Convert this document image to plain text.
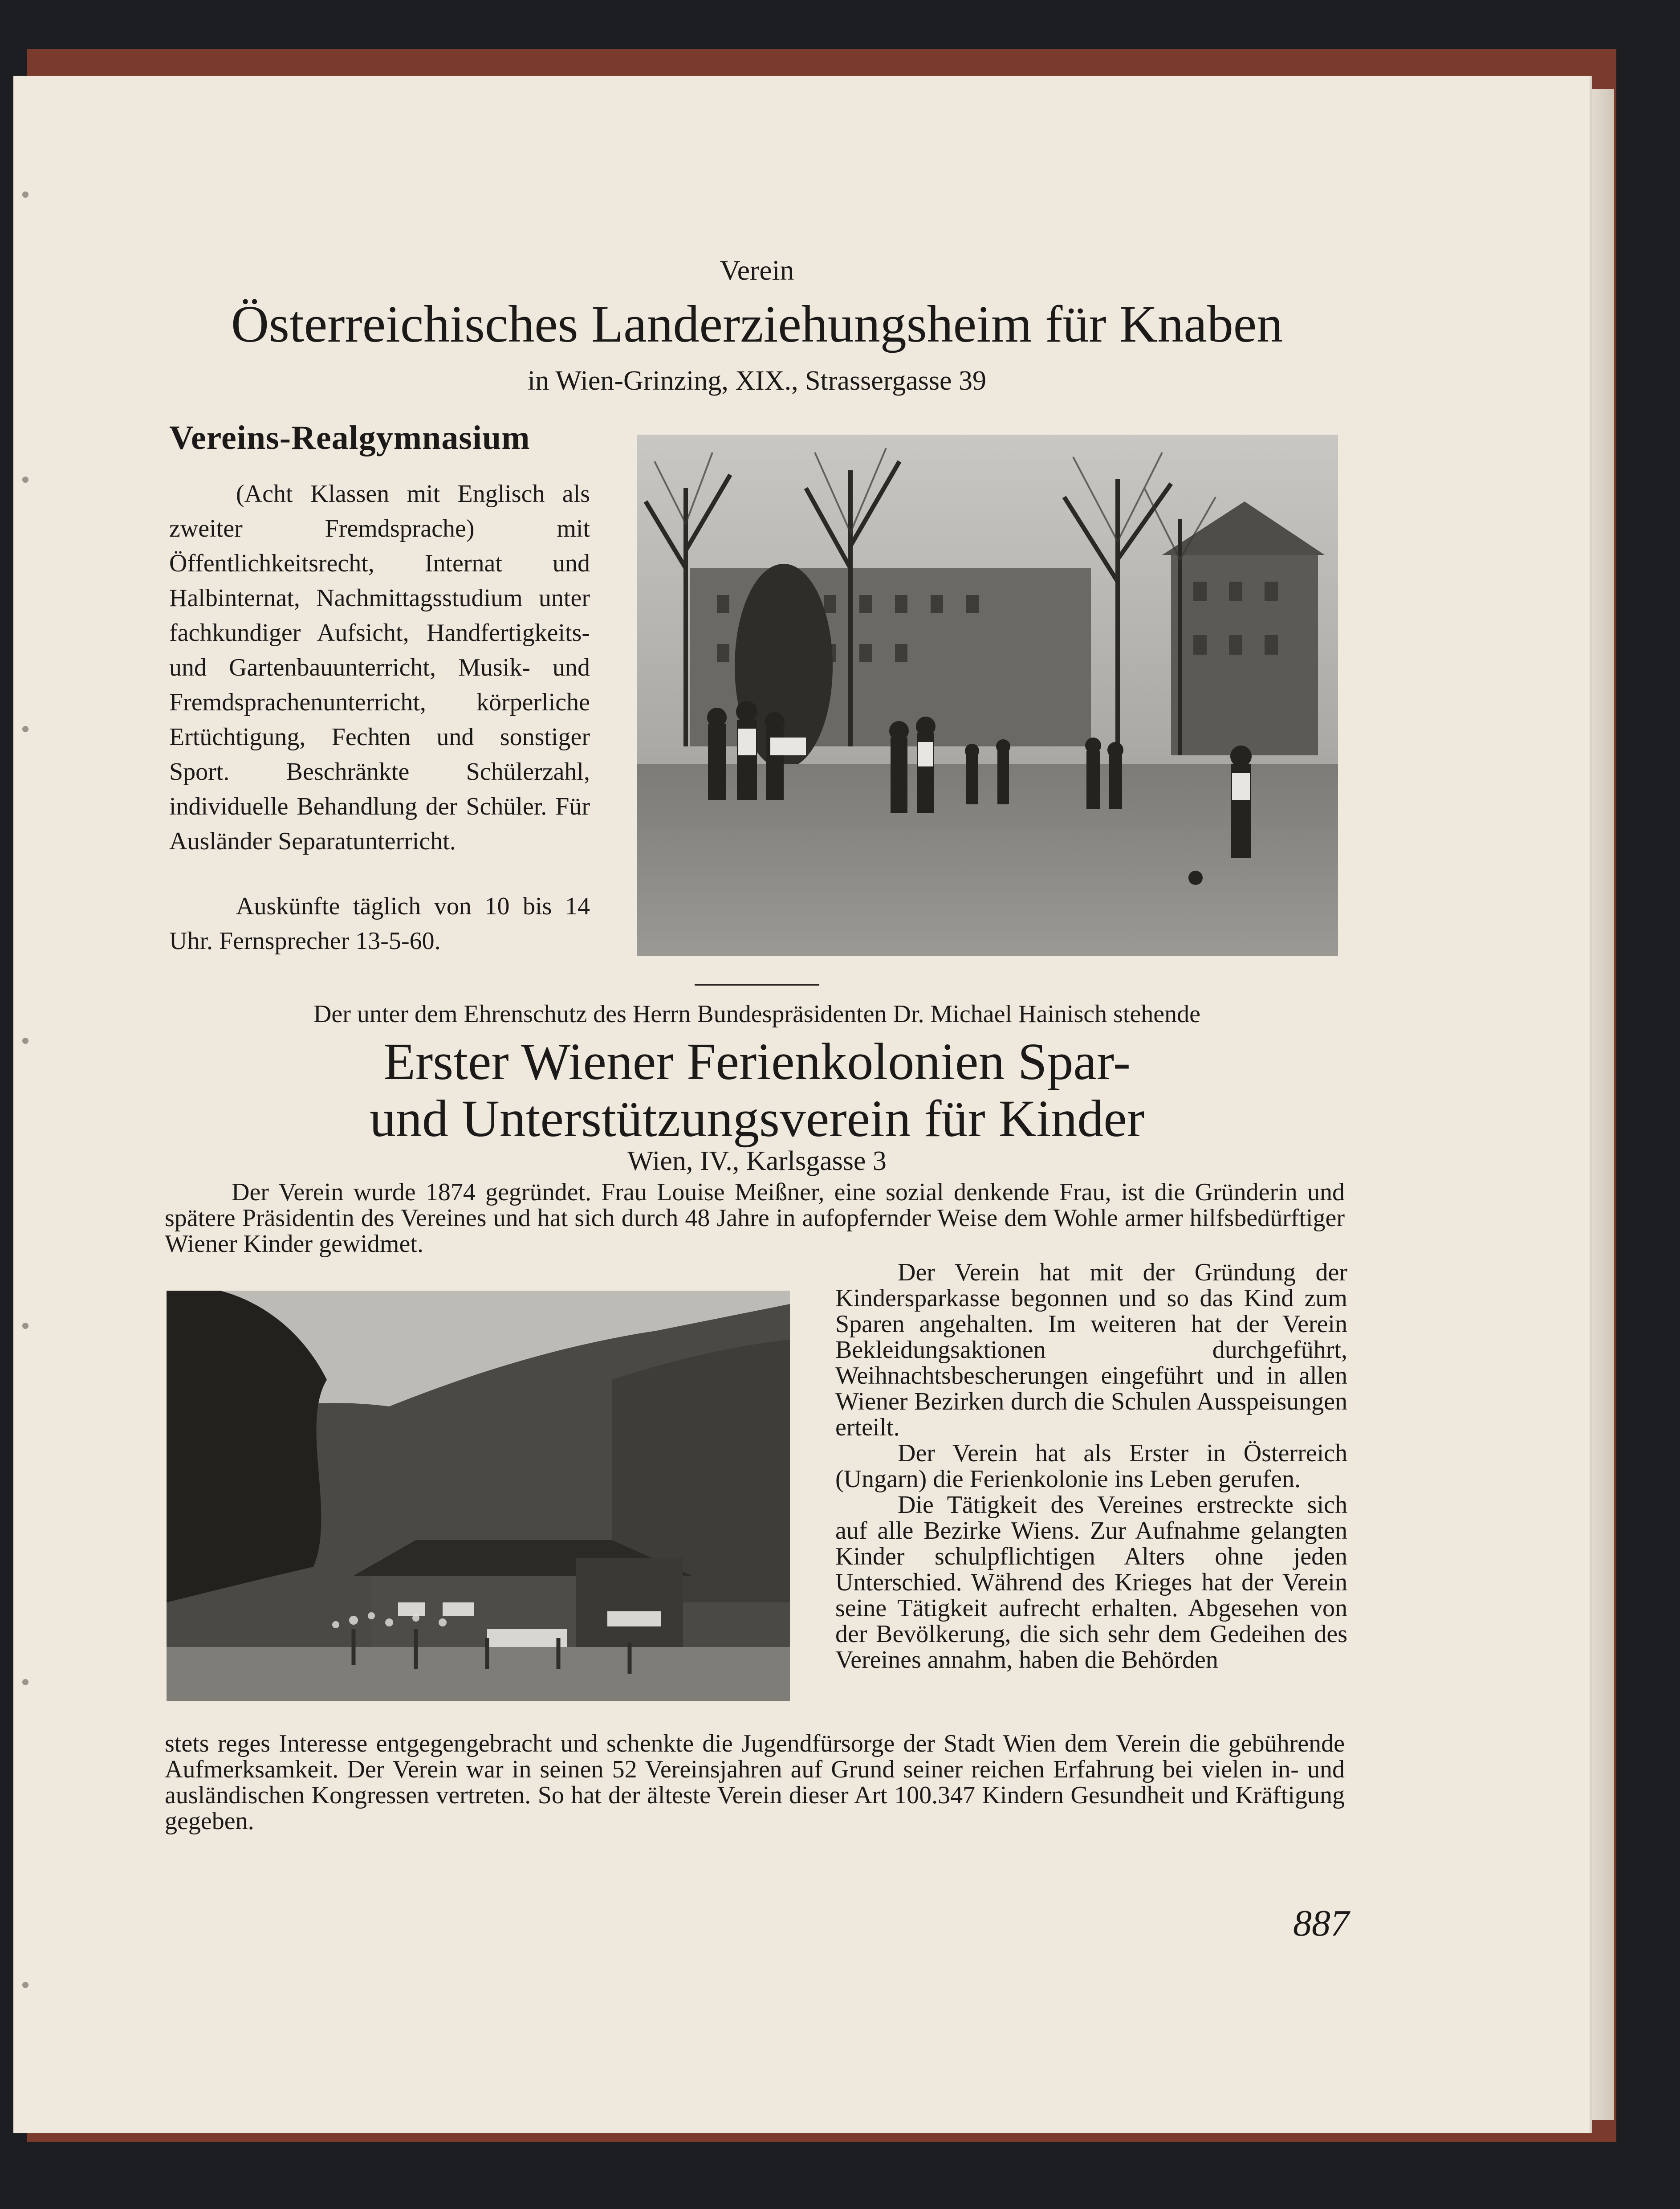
Verein

Österreichisches Landerziehungsheim für Knaben

in Wien-Grinzing, XIX., Strassergasse 39

Vereins-Realgymnasium

(Acht Klassen mit Englisch als zweiter Fremdsprache) mit Öffentlichkeitsrecht, Internat und Halbinternat, Nachmittagsstudium unter fachkundiger Aufsicht, Handfertigkeits- und Gartenbauunterricht, Musik- und Fremdsprachenunterricht, körperliche Ertüchtigung, Fechten und sonstiger Sport. Beschränkte Schülerzahl, individuelle Behandlung der Schüler. Für Ausländer Separatunterricht.

Auskünfte täglich von 10 bis 14 Uhr. Fernsprecher 13-5-60.

Der unter dem Ehrenschutz des Herrn Bundespräsidenten Dr. Michael Hainisch stehende

Erster Wiener Ferienkolonien Spar-
und Unterstützungsverein für Kinder

Wien, IV., Karlsgasse 3

Der Verein wurde 1874 gegründet. Frau Louise Meißner, eine sozial denkende Frau, ist die Gründerin und spätere Präsidentin des Vereines und hat sich durch 48 Jahre in aufopfernder Weise dem Wohle armer hilfsbedürftiger Wiener Kinder gewidmet.

Der Verein hat mit der Gründung der Kindersparkasse begonnen und so das Kind zum Sparen angehalten. Im weiteren hat der Verein Bekleidungsaktionen durchgeführt, Weihnachtsbescherungen eingeführt und in allen Wiener Bezirken durch die Schulen Ausspeisungen erteilt.

Der Verein hat als Erster in Österreich (Ungarn) die Ferienkolonie ins Leben gerufen.

Die Tätigkeit des Vereines erstreckte sich auf alle Bezirke Wiens. Zur Aufnahme gelangten Kinder schulpflichtigen Alters ohne jeden Unterschied. Während des Krieges hat der Verein seine Tätigkeit aufrecht erhalten. Abgesehen von der Bevölkerung, die sich sehr dem Gedeihen des Vereines annahm, haben die Behörden

stets reges Interesse entgegengebracht und schenkte die Jugendfürsorge der Stadt Wien dem Verein die gebührende Aufmerksamkeit. Der Verein war in seinen 52 Vereinsjahren auf Grund seiner reichen Erfahrung bei vielen in- und ausländischen Kongressen vertreten. So hat der älteste Verein dieser Art 100.347 Kindern Gesundheit und Kräftigung gegeben.

887
